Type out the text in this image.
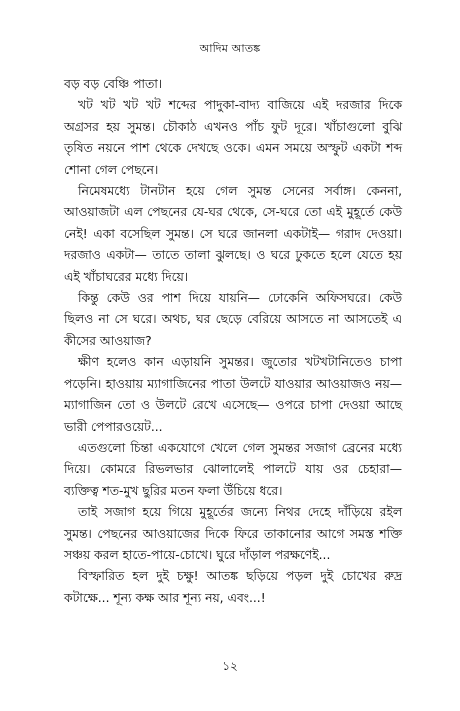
আদিম আতঙ্ক

বড় বড় বেঞ্চি পাতা।

খট খট খট খট শব্দের পাদুকা-বাদ্য বাজিয়ে এই দরজার দিকে অগ্রসর হয় সুমন্ত। চৌকাঠ এখনও পাঁচ ফুট দূরে। খাঁচাগুলো বুঝি তৃষিত নয়নে পাশ থেকে দেখছে ওকে। এমন সময়ে অস্ফুট একটা শব্দ শোনা গেল পেছনে।

নিমেষমধ্যে টানটান হয়ে গেল সুমন্ত সেনের সর্বাঙ্গ। কেননা, আওয়াজটা এল পেছনের যে-ঘর থেকে, সে-ঘরে তো এই মুহূর্তে কেউ নেই! একা বসেছিল সুমন্ত। সে ঘরে জানলা একটাই— গরাদ দেওয়া। দরজাও একটা— তাতে তালা ঝুলছে। ও ঘরে ঢুকতে হলে যেতে হয় এই খাঁচাঘরের মধ্যে দিয়ে।

কিন্তু কেউ ওর পাশ দিয়ে যায়নি— ঢোকেনি অফিসঘরে। কেউ ছিলও না সে ঘরে। অথচ, ঘর ছেড়ে বেরিয়ে আসতে না আসতেই এ কীসের আওয়াজ?

ক্ষীণ হলেও কান এড়ায়নি সুমন্তর। জুতোর খটখটানিতেও চাপা পড়েনি। হাওয়ায় ম্যাগাজিনের পাতা উলটে যাওয়ার আওয়াজও নয়— ম্যাগাজিন তো ও উলটে রেখে এসেছে— ওপরে চাপা দেওয়া আছে ভারী পেপারওয়েট...

এতগুলো চিন্তা একযোগে খেলে গেল সুমন্তর সজাগ ব্রেনের মধ্যে দিয়ে। কোমরে রিভলভার ঝোলালেই পালটে যায় ওর চেহারা— ব্যক্তিত্ব শত-মুখ ছুরির মতন ফলা উঁচিয়ে ধরে।

তাই সজাগ হয়ে গিয়ে মুহূর্তের জন্যে নিথর দেহে দাঁড়িয়ে রইল সুমন্ত। পেছনের আওয়াজের দিকে ফিরে তাকানোর আগে সমস্ত শক্তি সঞ্চয় করল হাতে-পায়ে-চোখে। ঘুরে দাঁড়াল পরক্ষণেই...

বিস্ফারিত হল দুই চক্ষু! আতঙ্ক ছড়িয়ে পড়ল দুই চোখের রুদ্র কটাক্ষে... শূন্য কক্ষ আর শূন্য নয়, এবং...!

১২
